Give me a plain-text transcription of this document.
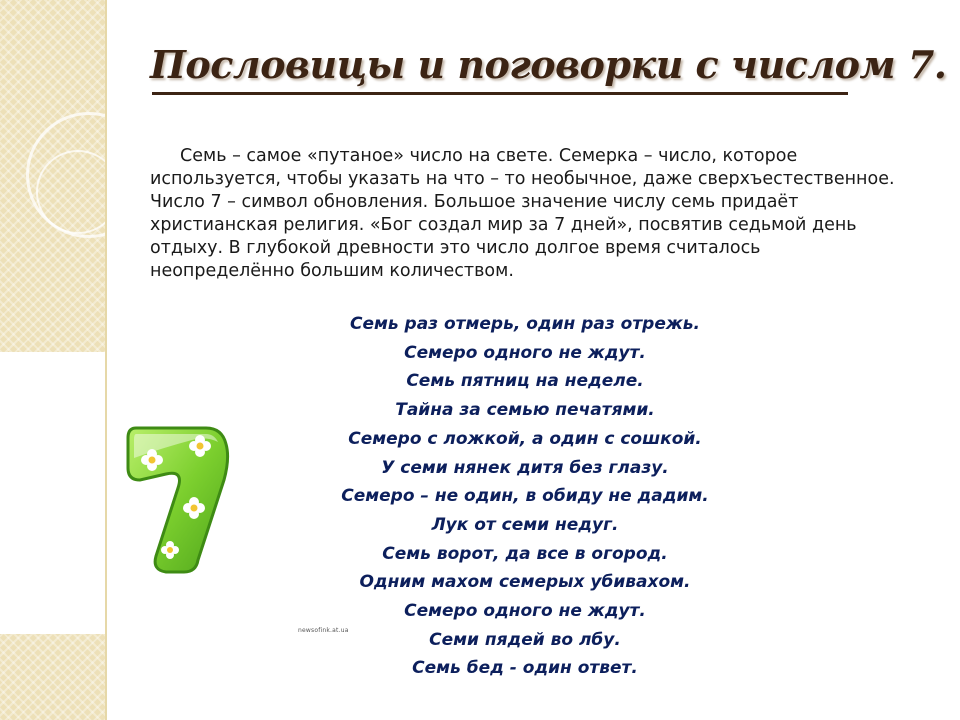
Пословицы и поговорки с числом 7.

Семь – самое «путаное» число на свете. Семерка – число, которое используется, чтобы указать на что – то необычное, даже сверхъестественное. Число 7 – символ обновления. Большое значение числу семь придаёт христианская религия. «Бог создал мир за 7 дней», посвятив седьмой день отдыху. В глубокой древности это число долгое время считалось неопределённо большим количеством.

Семь раз отмерь, один раз отрежь.
Семеро одного не ждут.
Семь пятниц на неделе.
Тайна за семью печатями.
Семеро с ложкой, а один с сошкой.
У семи нянек дитя без глазу.
Семеро – не один, в обиду не дадим.
Лук от семи недуг.
Семь ворот, да все в огород.
Одним махом семерых убивахом.
Семеро одного не ждут.
Семи пядей во лбу.
Семь бед - один ответ.
newsofink.at.ua
